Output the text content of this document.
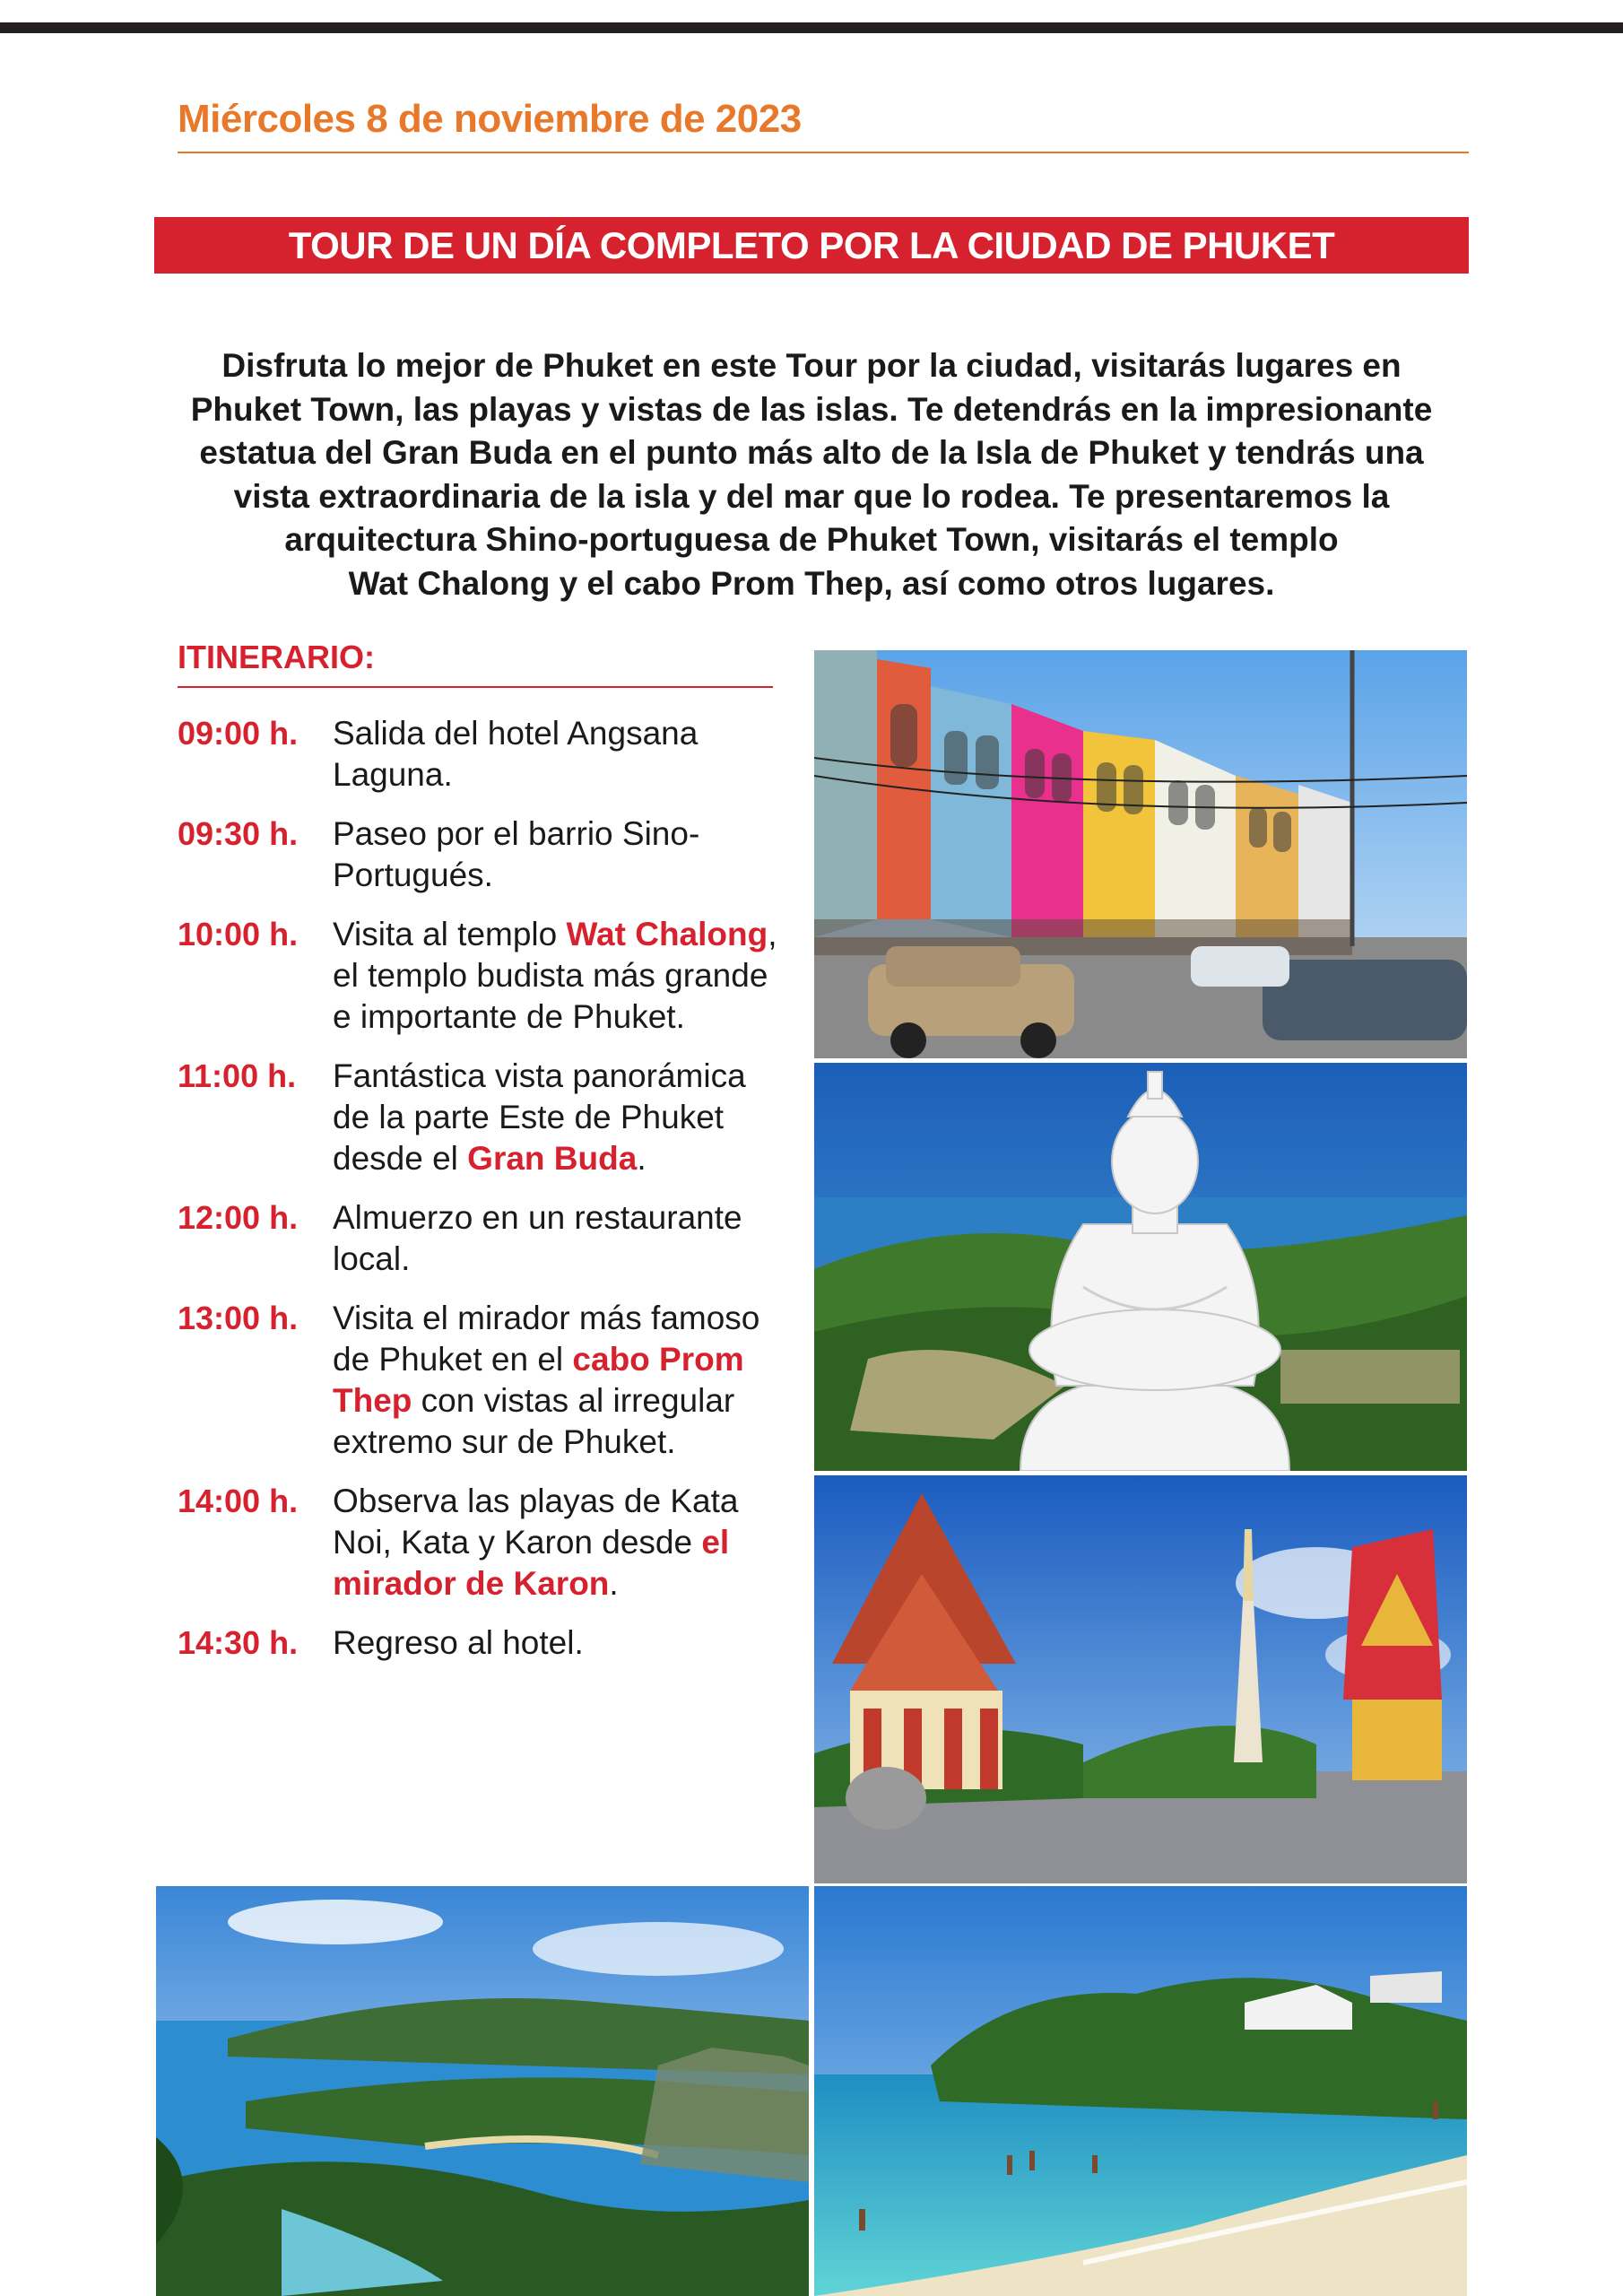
Miércoles 8 de noviembre de 2023
TOUR DE UN DÍA COMPLETO POR LA CIUDAD DE PHUKET

Disfruta lo mejor de Phuket en este Tour por la ciudad, visitarás lugares en
Phuket Town, las playas y vistas de las islas. Te detendrás en la impresionante
estatua del Gran Buda en el punto más alto de la Isla de Phuket y tendrás una
vista extraordinaria de la isla y del mar que lo rodea. Te presentaremos la
arquitectura Shino-portuguesa de Phuket Town, visitarás el templo
Wat Chalong y el cabo Prom Thep, así como otros lugares.

ITINERARIO:
09:00 h.	Salida del hotel Angsana Laguna.
09:30 h.	Paseo por el barrio Sino-Portugués.
10:00 h.	Visita al templo Wat Chalong, el templo budista más grande e importante de Phuket.
11:00 h.	Fantástica vista panorámica de la parte Este de Phuket desde el Gran Buda.
12:00 h.	Almuerzo en un restaurante local.
13:00 h.	Visita el mirador más famoso de Phuket en el cabo Prom Thep con vistas al irregular extremo sur de Phuket.
14:00 h.	Observa las playas de Kata Noi, Kata y Karon desde el mirador de Karon.
14:30 h.	Regreso al hotel.
